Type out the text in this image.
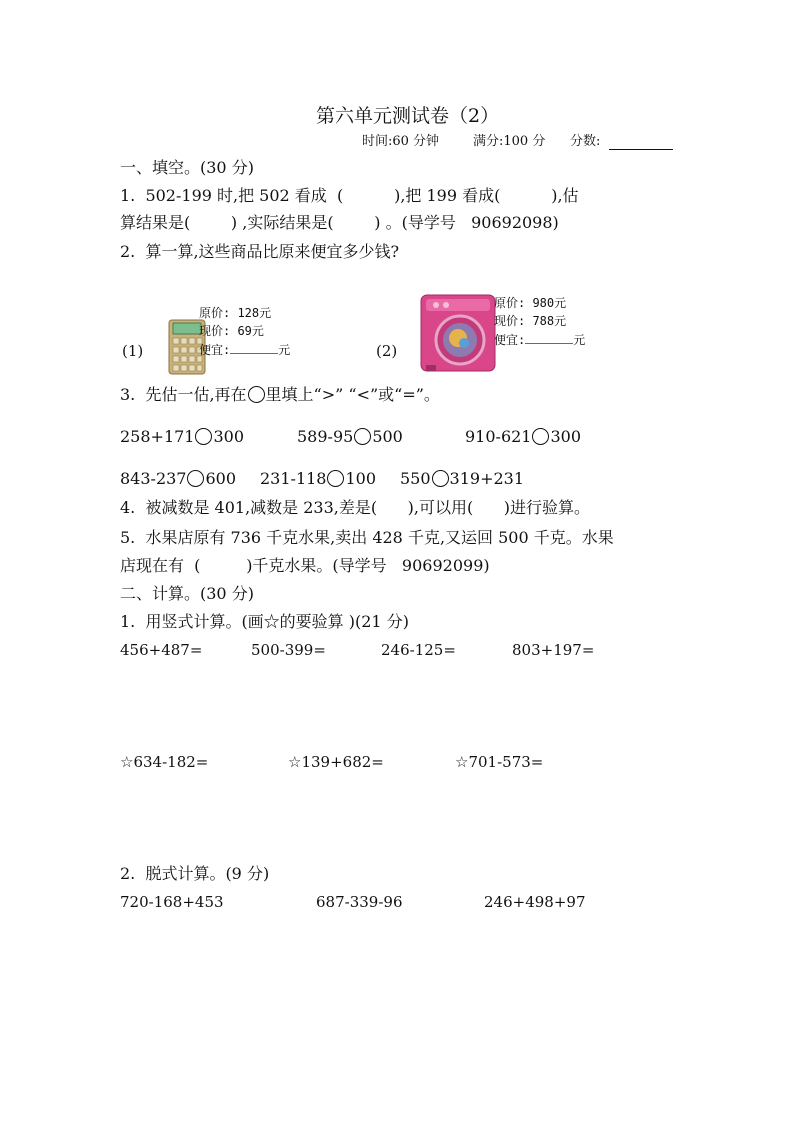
第六单元测试卷（2）
时间:60 分钟	满分:100 分 分数:
一、填空。(30 分)
1.  502-199 时,把 502 看成  (          ),把 199 看成(          ),估
算结果是(        ) ,实际结果是(        ) 。(导学号   90692098)
2.  算一算,这些商品比原来便宜多少钱?
(1)

原价: 128元
现价: 69元
便宜:	元	(2)

原价: 980元
现价: 788元
便宜:	元
3.  先估一估,再在 里填上“>” “<”或“=”。
258+171 300	589-95 500	910-621 300
843-237 600 231-118 100 550 319+231
4.  被减数是 401,减数是 233,差是(      ),可以用(      )进行验算。
5.  水果店原有 736 千克水果,卖出 428 千克,又运回 500 千克。水果
店现在有  (         )千克水果。(导学号   90692099)
二、计算。(30 分)
1.  用竖式计算。(画☆的要验算 )(21 分)
456+487=	500-399=	246-125=	803+197=
☆634-182=	☆139+682=	☆701-573=
2.  脱式计算。(9 分)
720-168+453	687-339-96	246+498+97
